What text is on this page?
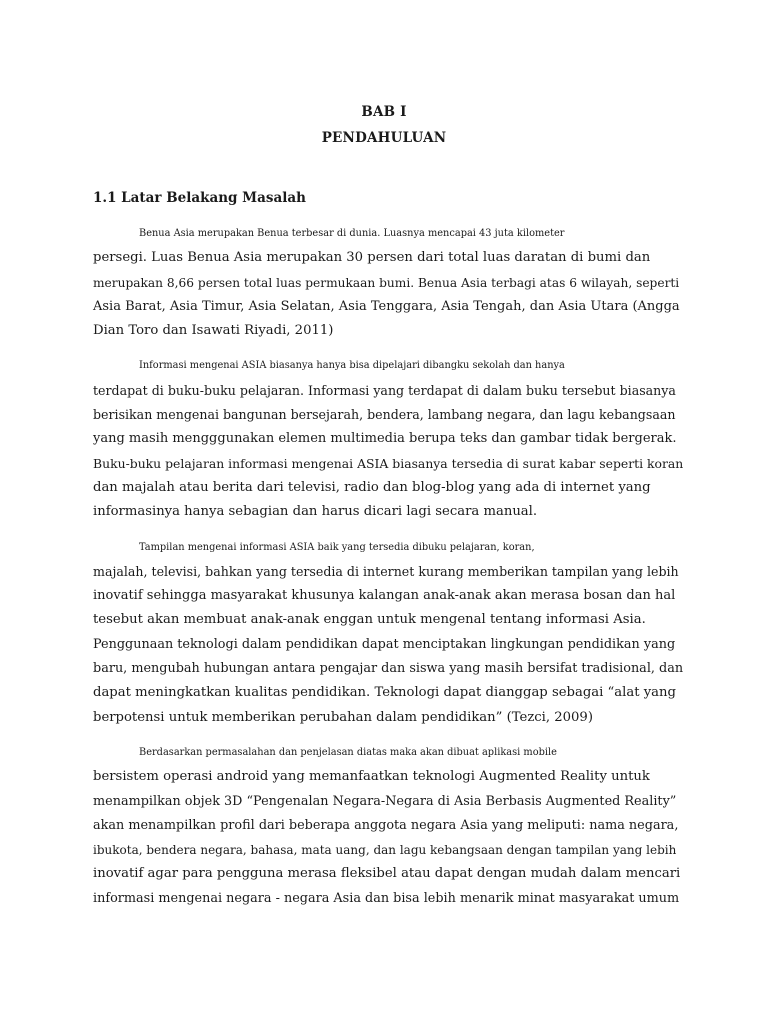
BAB I
PENDAHULUAN
1.1 Latar Belakang Masalah
Benua Asia merupakan Benua terbesar di dunia. Luasnya mencapai 43 juta kilometer
persegi. Luas Benua Asia merupakan 30 persen dari total luas daratan di bumi dan
merupakan 8,66 persen total luas permukaan bumi. Benua Asia terbagi atas 6 wilayah, seperti
Asia Barat, Asia Timur, Asia Selatan, Asia Tenggara, Asia Tengah, dan Asia Utara (Angga
Dian Toro dan Isawati Riyadi, 2011)
Informasi mengenai ASIA biasanya hanya bisa dipelajari dibangku sekolah dan hanya
terdapat di buku-buku pelajaran. Informasi yang terdapat di dalam buku tersebut biasanya
berisikan mengenai bangunan bersejarah, bendera, lambang negara, dan lagu kebangsaan
yang masih mengggunakan elemen multimedia berupa teks dan gambar tidak bergerak.
Buku-buku pelajaran informasi mengenai ASIA biasanya tersedia di surat kabar seperti koran
dan majalah atau berita dari televisi, radio dan blog-blog yang ada di internet yang
informasinya hanya sebagian dan harus dicari lagi secara manual.
Tampilan mengenai informasi ASIA baik yang tersedia dibuku pelajaran, koran,
majalah, televisi, bahkan yang tersedia di internet kurang memberikan tampilan yang lebih
inovatif sehingga masyarakat khusunya kalangan anak-anak akan merasa bosan dan hal
tesebut akan membuat anak-anak enggan untuk mengenal tentang informasi Asia.
Penggunaan teknologi dalam pendidikan dapat menciptakan lingkungan pendidikan yang
baru, mengubah hubungan antara pengajar dan siswa yang masih bersifat tradisional, dan
dapat meningkatkan kualitas pendidikan. Teknologi dapat dianggap sebagai “alat yang
berpotensi untuk memberikan perubahan dalam pendidikan” (Tezci, 2009)
Berdasarkan permasalahan dan penjelasan diatas maka akan dibuat aplikasi mobile
bersistem operasi android yang memanfaatkan teknologi Augmented Reality untuk
menampilkan objek 3D “Pengenalan Negara-Negara di Asia Berbasis Augmented Reality”
akan menampilkan profil dari beberapa anggota negara Asia yang meliputi: nama negara,
ibukota, bendera negara, bahasa, mata uang, dan lagu kebangsaan dengan tampilan yang lebih
inovatif agar para pengguna merasa fleksibel atau dapat dengan mudah dalam mencari
informasi mengenai negara - negara Asia dan bisa lebih menarik minat masyarakat umum
